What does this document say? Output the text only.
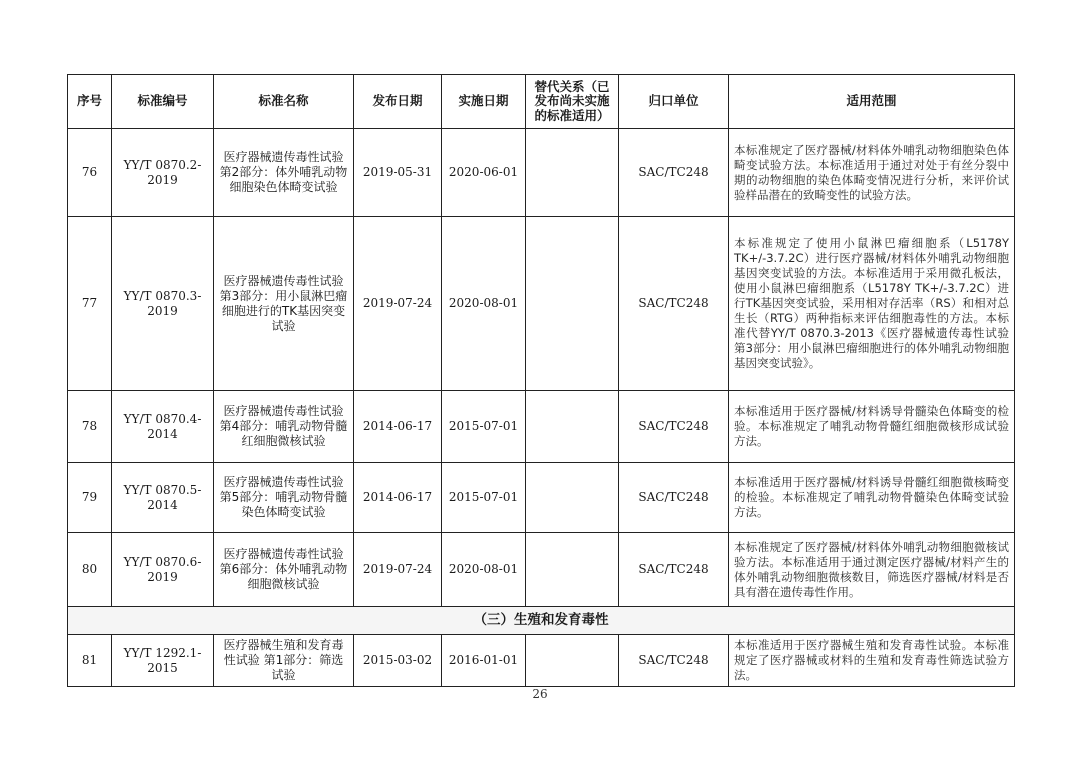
序号	标准编号	标准名称	发布日期	实施日期	替代关系（已发布尚未实施的标准适用）	归口单位	适用范围
76	YY/T 0870.2-2019	医疗器械遗传毒性试验 第2部分：体外哺乳动物细胞染色体畸变试验	2019-05-31	2020-06-01		SAC/TC248	本标准规定了医疗器械/材料体外哺乳动物细胞染色体畸变试验方法。本标准适用于通过对处于有丝分裂中期的动物细胞的染色体畸变情况进行分析，来评价试验样品潜在的致畸变性的试验方法。
77	YY/T 0870.3-2019	医疗器械遗传毒性试验 第3部分：用小鼠淋巴瘤细胞进行的TK基因突变试验	2019-07-24	2020-08-01		SAC/TC248	本标准规定了使用小鼠淋巴瘤细胞系（L5178Y TK+/-3.7.2C）进行医疗器械/材料体外哺乳动物细胞基因突变试验的方法。本标准适用于采用微孔板法，使用小鼠淋巴瘤细胞系（L5178Y TK+/-3.7.2C）进行TK基因突变试验，采用相对存活率（RS）和相对总生长（RTG）两种指标来评估细胞毒性的方法。本标准代替YY/T 0870.3-2013《医疗器械遗传毒性试验 第3部分：用小鼠淋巴瘤细胞进行的体外哺乳动物细胞基因突变试验》。
78	YY/T 0870.4-2014	医疗器械遗传毒性试验 第4部分：哺乳动物骨髓红细胞微核试验	2014-06-17	2015-07-01		SAC/TC248	本标准适用于医疗器械/材料诱导骨髓染色体畸变的检验。本标准规定了哺乳动物骨髓红细胞微核形成试验方法。
79	YY/T 0870.5-2014	医疗器械遗传毒性试验 第5部分：哺乳动物骨髓染色体畸变试验	2014-06-17	2015-07-01		SAC/TC248	本标准适用于医疗器械/材料诱导骨髓红细胞微核畸变的检验。本标准规定了哺乳动物骨髓染色体畸变试验方法。
80	YY/T 0870.6-2019	医疗器械遗传毒性试验 第6部分：体外哺乳动物细胞微核试验	2019-07-24	2020-08-01		SAC/TC248	本标准规定了医疗器械/材料体外哺乳动物细胞微核试验方法。本标准适用于通过测定医疗器械/材料产生的体外哺乳动物细胞微核数目，筛选医疗器械/材料是否具有潜在遗传毒性作用。
（三）生殖和发育毒性							
81	YY/T 1292.1-2015	医疗器械生殖和发育毒性试验 第1部分：筛选试验	2015-03-02	2016-01-01		SAC/TC248	本标准适用于医疗器械生殖和发育毒性试验。本标准规定了医疗器械或材料的生殖和发育毒性筛选试验方法。
26
